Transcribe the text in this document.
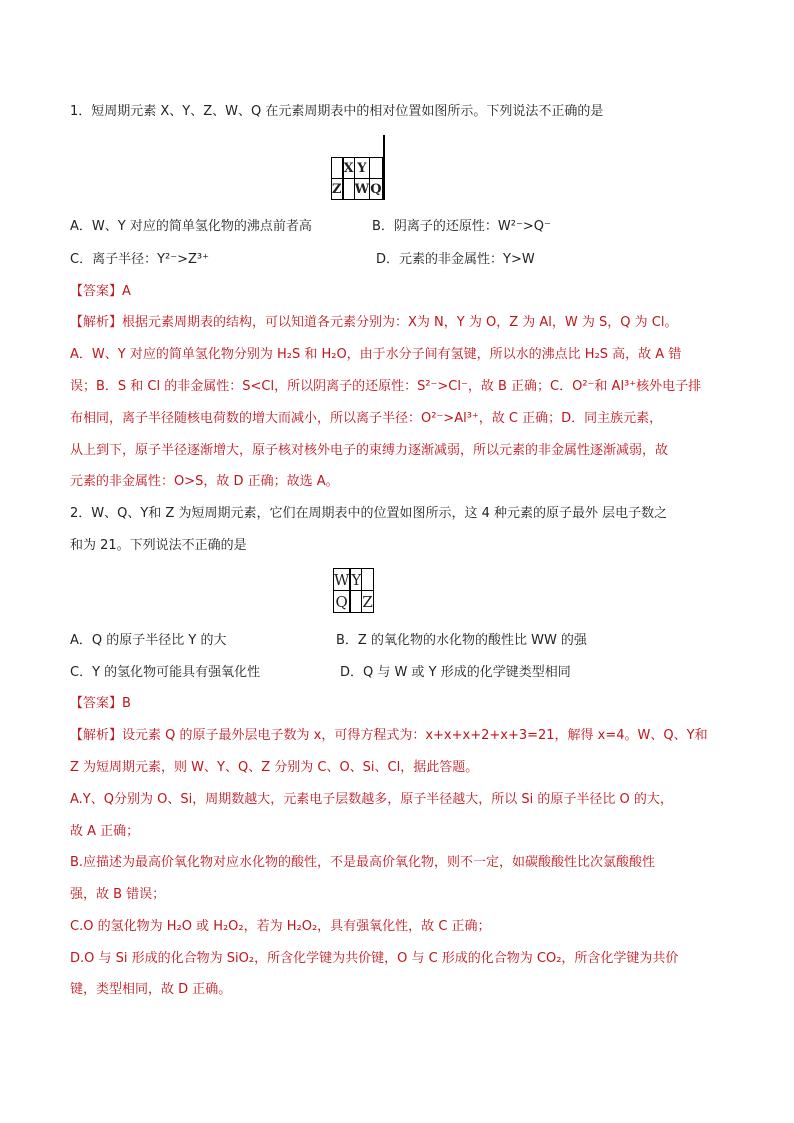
1．短周期元素 X、Y、Z、W、Q 在元素周期表中的相对位置如图所示。下列说法不正确的是

		X	Y			
Z			W	Q		
A．W、Y 对应的简单氢化物的沸点前者高	B．阴离子的还原性：W²⁻>Q⁻
C．离子半径：Y²⁻>Z³⁺	D．元素的非金属性：Y>W
【答案】A
【解析】根据元素周期表的结构，可以知道各元素分别为：X为 N，Y 为 O，Z 为 Al，W 为 S，Q 为 Cl。
A．W、Y 对应的简单氢化物分别为 H₂S 和 H₂O，由于水分子间有氢键，所以水的沸点比 H₂S 高，故 A 错
误；B．S 和 Cl 的非金属性：S<Cl，所以阴离子的还原性：S²⁻>Cl⁻，故 B 正确；C．O²⁻和 Al³⁺核外电子排
布相同，离子半径随核电荷数的增大而减小，所以离子半径：O²⁻>Al³⁺，故 C 正确；D．同主族元素，
从上到下，原子半径逐渐增大，原子核对核外电子的束缚力逐渐减弱，所以元素的非金属性逐渐减弱，故
元素的非金属性：O>S，故 D 正确；故选 A。
2．W、Q、Y和 Z 为短周期元素，它们在周期表中的位置如图所示，这 4 种元素的原子最外 层电子数之
和为 21。下列说法不正确的是
W		Y	
Q			Z
A．Q 的原子半径比 Y 的大	B．Z 的氧化物的水化物的酸性比 WW 的强
C．Y 的氢化物可能具有强氧化性	D．Q 与 W 或 Y 形成的化学键类型相同
【答案】B
【解析】设元素 Q 的原子最外层电子数为 x，可得方程式为：x+x+x+2+x+3=21，解得 x=4。W、Q、Y和
Z 为短周期元素，则 W、Y、Q、Z 分别为 C、O、Si、Cl，据此答题。
A.Y、Q分别为 O、Si，周期数越大，元素电子层数越多，原子半径越大，所以 Si 的原子半径比 O 的大，
故 A 正确；
B.应描述为最高价氧化物对应水化物的酸性，不是最高价氧化物，则不一定，如碳酸酸性比次氯酸酸性
强，故 B 错误；
C.O 的氢化物为 H₂O 或 H₂O₂，若为 H₂O₂，具有强氧化性，故 C 正确；
D.O 与 Si 形成的化合物为 SiO₂，所含化学键为共价键，O 与 C 形成的化合物为 CO₂，所含化学键为共价
键，类型相同，故 D 正确。
